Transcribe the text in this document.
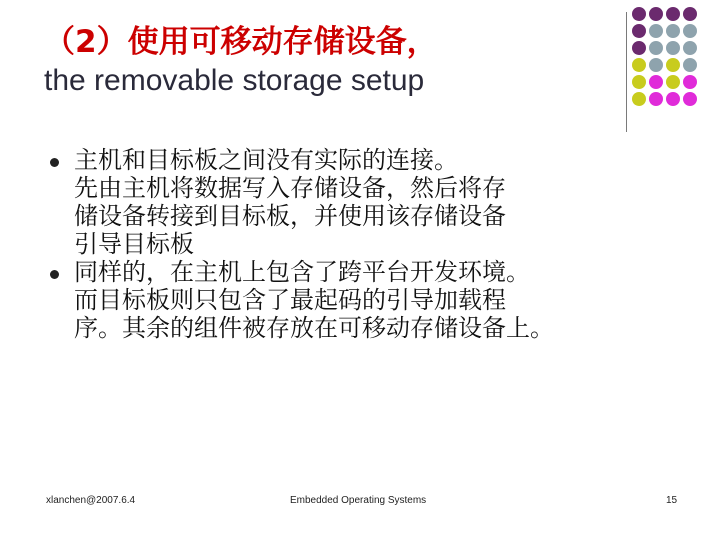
（2）使用可移动存储设备，
the removable storage setup
主机和目标板之间没有实际的连接。
先由主机将数据写入存储设备，然后将存
储设备转接到目标板，并使用该存储设备
引导目标板
同样的，在主机上包含了跨平台开发环境。
而目标板则只包含了最起码的引导加载程
序。其余的组件被存放在可移动存储设备上。
xlanchen@2007.6.4	Embedded Operating Systems	15
